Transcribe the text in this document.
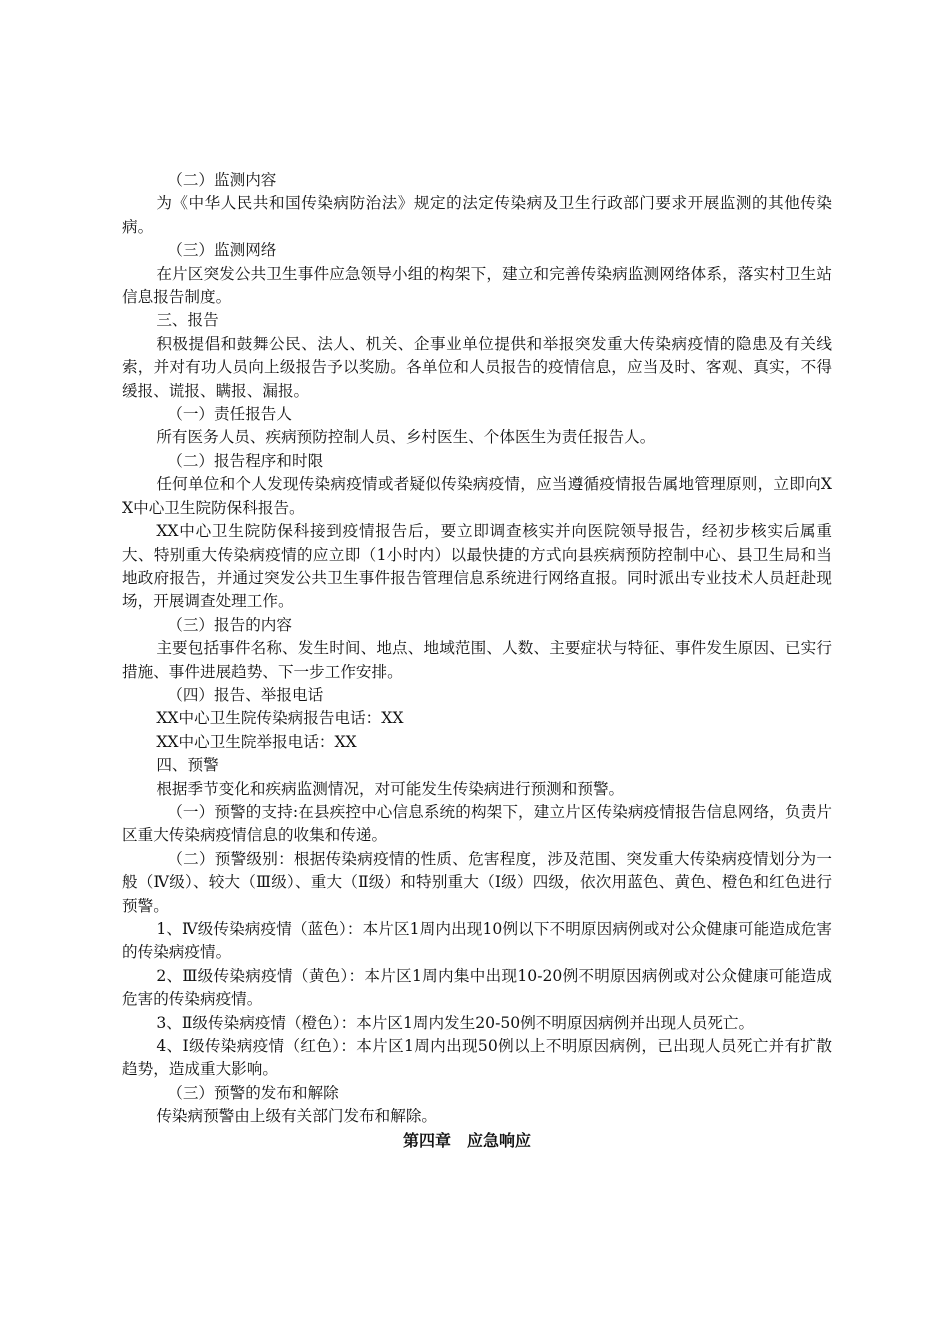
（二）监测内容

为《中华人民共和国传染病防治法》规定的法定传染病及卫生行政部门要求开展监测的其他传染病。

（三）监测网络

在片区突发公共卫生事件应急领导小组的构架下，建立和完善传染病监测网络体系，落实村卫生站信息报告制度。

三、报告

积极提倡和鼓舞公民、法人、机关、企事业单位提供和举报突发重大传染病疫情的隐患及有关线索，并对有功人员向上级报告予以奖励。各单位和人员报告的疫情信息，应当及时、客观、真实，不得缓报、谎报、瞒报、漏报。

（一）责任报告人

所有医务人员、疾病预防控制人员、乡村医生、个体医生为责任报告人。

（二）报告程序和时限

任何单位和个人发现传染病疫情或者疑似传染病疫情，应当遵循疫情报告属地管理原则，立即向XX中心卫生院防保科报告。

XX中心卫生院防保科接到疫情报告后，要立即调查核实并向医院领导报告，经初步核实后属重大、特别重大传染病疫情的应立即（1小时内）以最快捷的方式向县疾病预防控制中心、县卫生局和当地政府报告，并通过突发公共卫生事件报告管理信息系统进行网络直报。同时派出专业技术人员赶赴现场，开展调查处理工作。

（三）报告的内容

主要包括事件名称、发生时间、地点、地域范围、人数、主要症状与特征、事件发生原因、已实行措施、事件进展趋势、下一步工作安排。

（四）报告、举报电话

XX中心卫生院传染病报告电话：XX

XX中心卫生院举报电话：XX

四、预警

根据季节变化和疾病监测情况，对可能发生传染病进行预测和预警。

（一）预警的支持:在县疾控中心信息系统的构架下，建立片区传染病疫情报告信息网络，负责片区重大传染病疫情信息的收集和传递。

（二）预警级别：根据传染病疫情的性质、危害程度，涉及范围、突发重大传染病疫情划分为一般（Ⅳ级）、较大（Ⅲ级）、重大（Ⅱ级）和特别重大（Ⅰ级）四级，依次用蓝色、黄色、橙色和红色进行预警。

1、Ⅳ级传染病疫情（蓝色）：本片区1周内出现10例以下不明原因病例或对公众健康可能造成危害的传染病疫情。

2、Ⅲ级传染病疫情（黄色）：本片区1周内集中出现10-20例不明原因病例或对公众健康可能造成危害的传染病疫情。

3、Ⅱ级传染病疫情（橙色）：本片区1周内发生20-50例不明原因病例并出现人员死亡。

4、Ⅰ级传染病疫情（红色）：本片区1周内出现50例以上不明原因病例，已出现人员死亡并有扩散趋势，造成重大影响。

（三）预警的发布和解除

传染病预警由上级有关部门发布和解除。

第四章　应急响应
